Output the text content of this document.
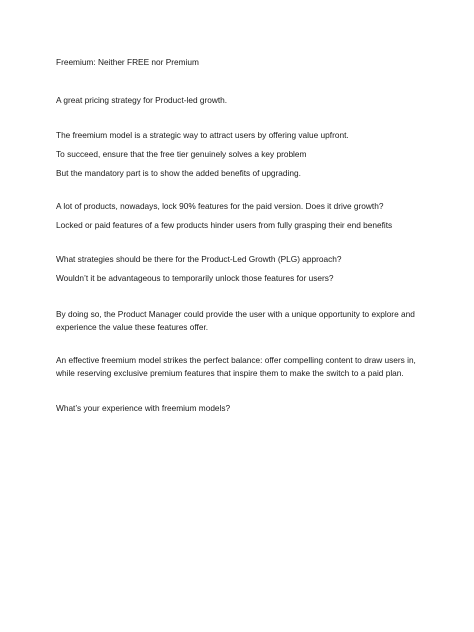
Freemium: Neither FREE nor Premium

A great pricing strategy for Product-led growth.

The freemium model is a strategic way to attract users by offering value upfront.

To succeed, ensure that the free tier genuinely solves a key problem

But the mandatory part is to show the added benefits of upgrading.

A lot of products, nowadays, lock 90% features for the paid version. Does it drive growth?

Locked or paid features of a few products hinder users from fully grasping their end benefits

What strategies should be there for the Product-Led Growth (PLG) approach?

Wouldn’t it be advantageous to temporarily unlock those features for users?

By doing so, the Product Manager could provide the user with a unique opportunity to explore and experience the value these features offer.

An effective freemium model strikes the perfect balance: offer compelling content to draw users in, while reserving exclusive premium features that inspire them to make the switch to a paid plan.

What’s your experience with freemium models?
